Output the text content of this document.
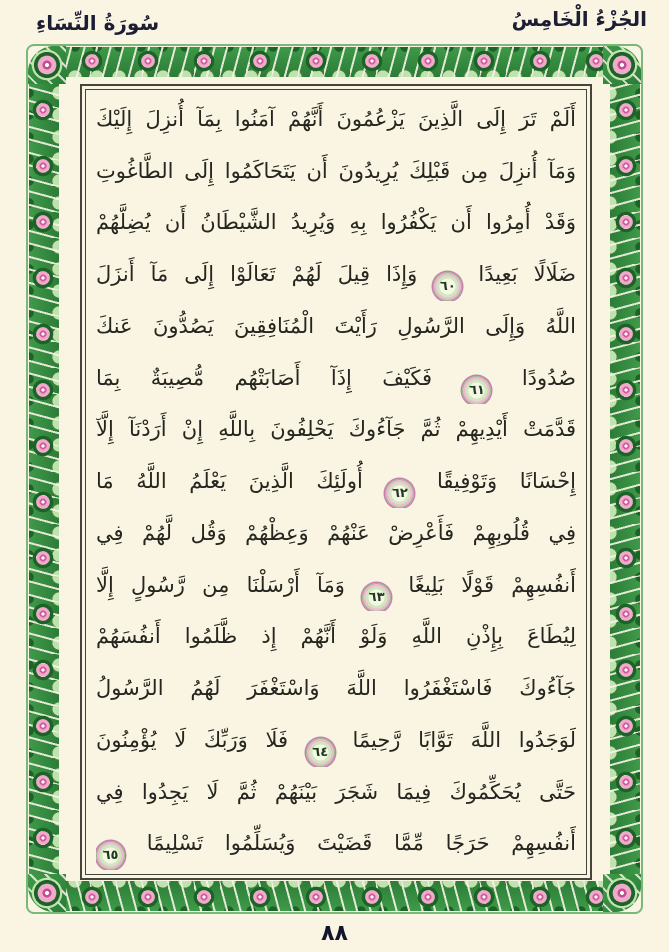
الجُزْءُ الْخَامِسُ
سُورَةُ النِّسَاءِ
أَلَمْ تَرَ إِلَى الَّذِينَ يَزْعُمُونَ أَنَّهُمْ آمَنُوا بِمَآ أُنزِلَ إِلَيْكَ
وَمَآ أُنزِلَ مِن قَبْلِكَ يُرِيدُونَ أَن يَتَحَاكَمُوا إِلَى الطَّاغُوتِ
وَقَدْ أُمِرُوا أَن يَكْفُرُوا بِهِ وَيُرِيدُ الشَّيْطَانُ أَن يُضِلَّهُمْ
ضَلَالًا بَعِيدًا ٦٠ وَإِذَا قِيلَ لَهُمْ تَعَالَوْا إِلَى مَآ أَنزَلَ
اللَّهُ وَإِلَى الرَّسُولِ رَأَيْتَ الْمُنَافِقِينَ يَصُدُّونَ عَنكَ
صُدُودًا ٦١ فَكَيْفَ إِذَآ أَصَابَتْهُم مُّصِيبَةٌ بِمَا
قَدَّمَتْ أَيْدِيهِمْ ثُمَّ جَآءُوكَ يَحْلِفُونَ بِاللَّهِ إِنْ أَرَدْنَآ إِلَّآ
إِحْسَانًا وَتَوْفِيقًا ٦٢ أُولَئِكَ الَّذِينَ يَعْلَمُ اللَّهُ مَا
فِي قُلُوبِهِمْ فَأَعْرِضْ عَنْهُمْ وَعِظْهُمْ وَقُل لَّهُمْ فِي
أَنفُسِهِمْ قَوْلًا بَلِيغًا ٦٣ وَمَآ أَرْسَلْنَا مِن رَّسُولٍ إِلَّا
لِيُطَاعَ بِإِذْنِ اللَّهِ وَلَوْ أَنَّهُمْ إِذ ظَّلَمُوا أَنفُسَهُمْ
جَآءُوكَ فَاسْتَغْفَرُوا اللَّهَ وَاسْتَغْفَرَ لَهُمُ الرَّسُولُ
لَوَجَدُوا اللَّهَ تَوَّابًا رَّحِيمًا ٦٤ فَلَا وَرَبِّكَ لَا يُؤْمِنُونَ
حَتَّى يُحَكِّمُوكَ فِيمَا شَجَرَ بَيْنَهُمْ ثُمَّ لَا يَجِدُوا فِي
أَنفُسِهِمْ حَرَجًا مِّمَّا قَضَيْتَ وَيُسَلِّمُوا تَسْلِيمًا ٦٥
٨٨
